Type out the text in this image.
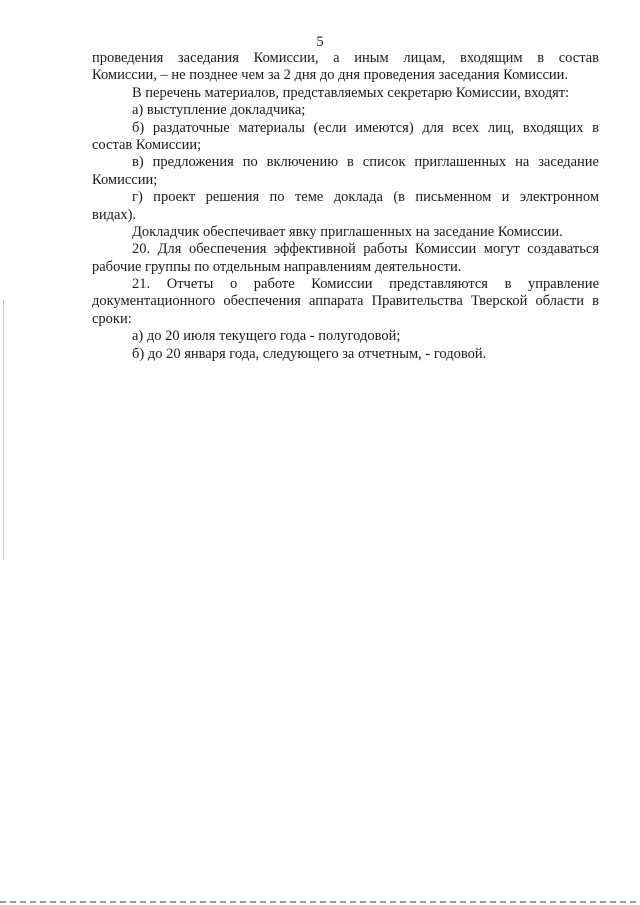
5
проведения заседания Комиссии, а иным лицам, входящим в состав
Комиссии, – не позднее чем за 2 дня до дня проведения заседания Комиссии.
В перечень материалов, представляемых секретарю Комиссии, входят:
а) выступление докладчика;
б) раздаточные материалы (если имеются) для всех лиц, входящих в
состав Комиссии;
в) предложения по включению в список приглашенных на заседание
Комиссии;
г) проект решения по теме доклада (в письменном и электронном
видах).
Докладчик обеспечивает явку приглашенных на заседание Комиссии.
20. Для обеспечения эффективной работы Комиссии могут создаваться
рабочие группы по отдельным направлениям деятельности.
21. Отчеты о работе Комиссии представляются в управление
документационного обеспечения аппарата Правительства Тверской области в
сроки:
а) до 20 июля текущего года - полугодовой;
б) до 20 января года, следующего за отчетным, - годовой.
